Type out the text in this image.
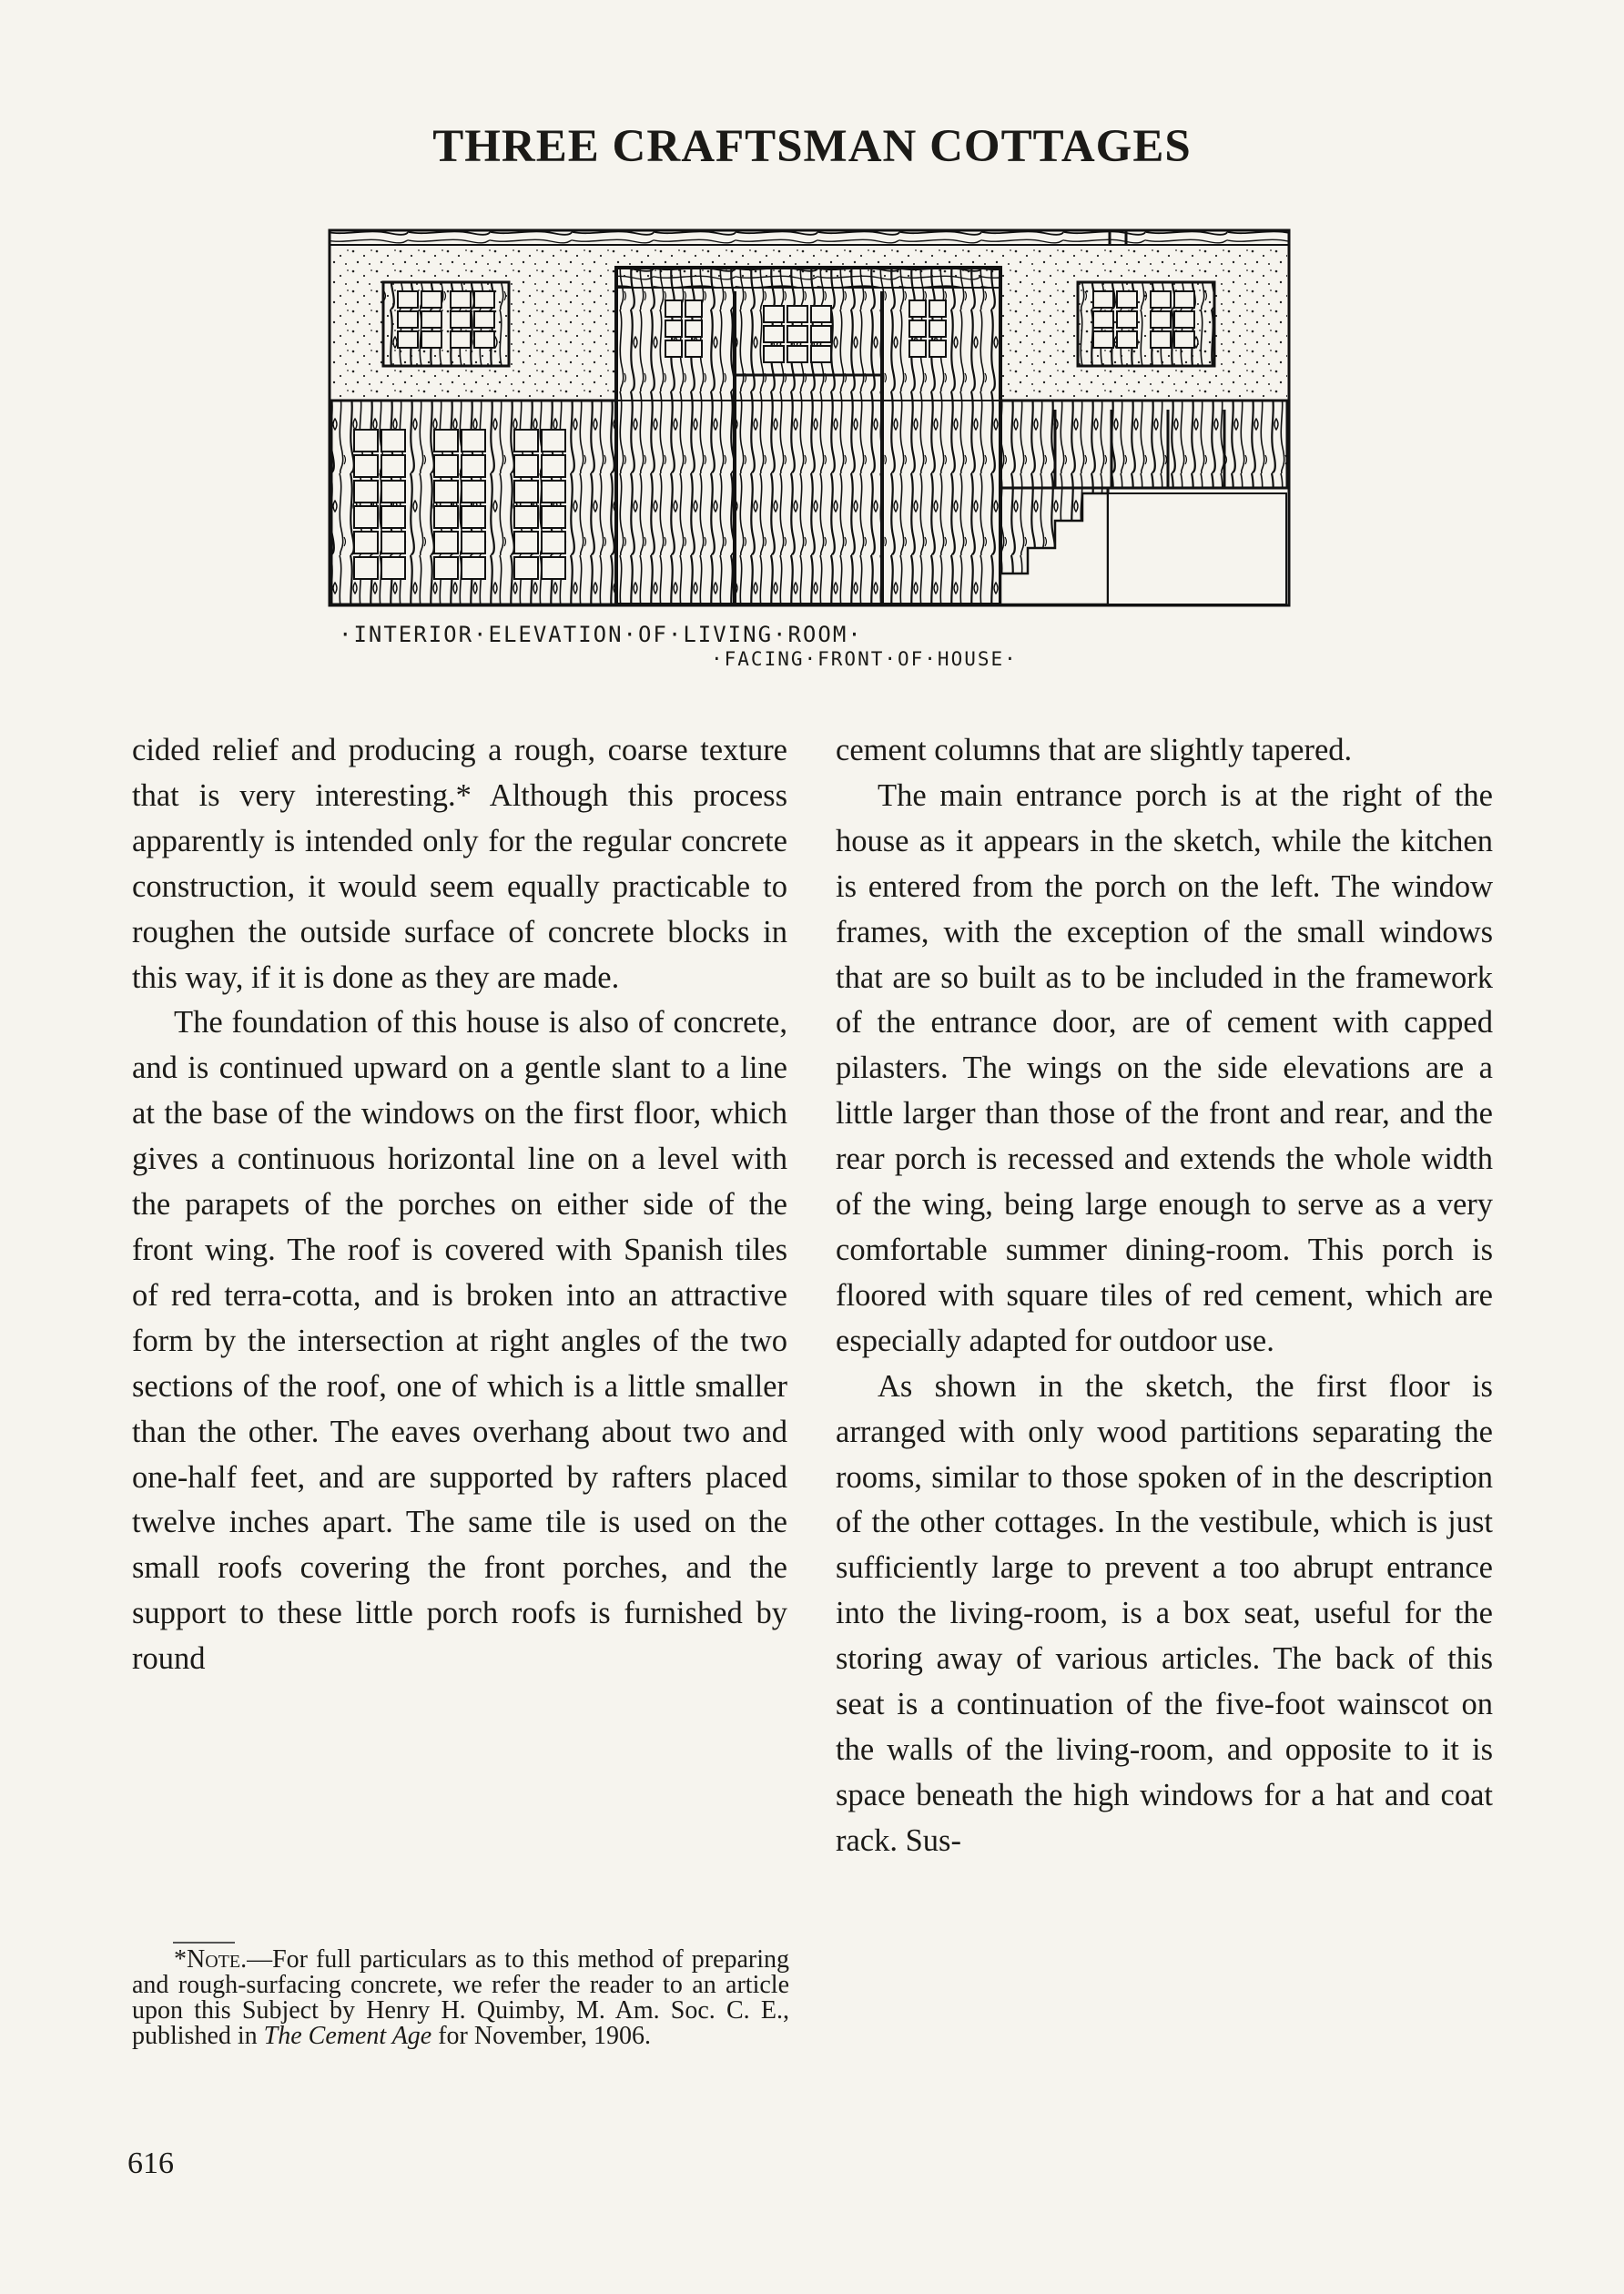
THREE CRAFTSMAN COTTAGES
·INTERIOR·ELEVATION·OF·LIVING·ROOM·
·FACING·FRONT·OF·HOUSE·

cided relief and producing a rough, coarse texture that is very interesting.* Although this process apparently is intended only for the regular concrete construction, it would seem equally practicable to roughen the outside surface of concrete blocks in this way, if it is done as they are made.

The foundation of this house is also of concrete, and is continued upward on a gentle slant to a line at the base of the windows on the first floor, which gives a continuous horizontal line on a level with the parapets of the porches on either side of the front wing. The roof is covered with Spanish tiles of red terra-cotta, and is broken into an attractive form by the intersection at right angles of the two sections of the roof, one of which is a little smaller than the other. The eaves overhang about two and one-half feet, and are supported by rafters placed twelve inches apart. The same tile is used on the small roofs covering the front porches, and the support to these little porch roofs is furnished by round

cement columns that are slightly tapered.

The main entrance porch is at the right of the house as it appears in the sketch, while the kitchen is entered from the porch on the left. The window frames, with the exception of the small windows that are so built as to be included in the framework of the entrance door, are of cement with capped pilasters. The wings on the side elevations are a little larger than those of the front and rear, and the rear porch is recessed and extends the whole width of the wing, being large enough to serve as a very comfortable summer dining-room. This porch is floored with square tiles of red cement, which are especially adapted for outdoor use.

As shown in the sketch, the first floor is arranged with only wood partitions separating the rooms, similar to those spoken of in the description of the other cottages. In the vestibule, which is just sufficiently large to prevent a too abrupt entrance into the living-room, is a box seat, useful for the storing away of various articles. The back of this seat is a continuation of the five-foot wainscot on the walls of the living-room, and opposite to it is space beneath the high windows for a hat and coat rack. Sus-

*Note.—For full particulars as to this method of preparing and rough-surfacing concrete, we refer the reader to an article upon this Subject by Henry H. Quimby, M. Am. Soc. C. E., published in The Cement Age for November, 1906.

616
